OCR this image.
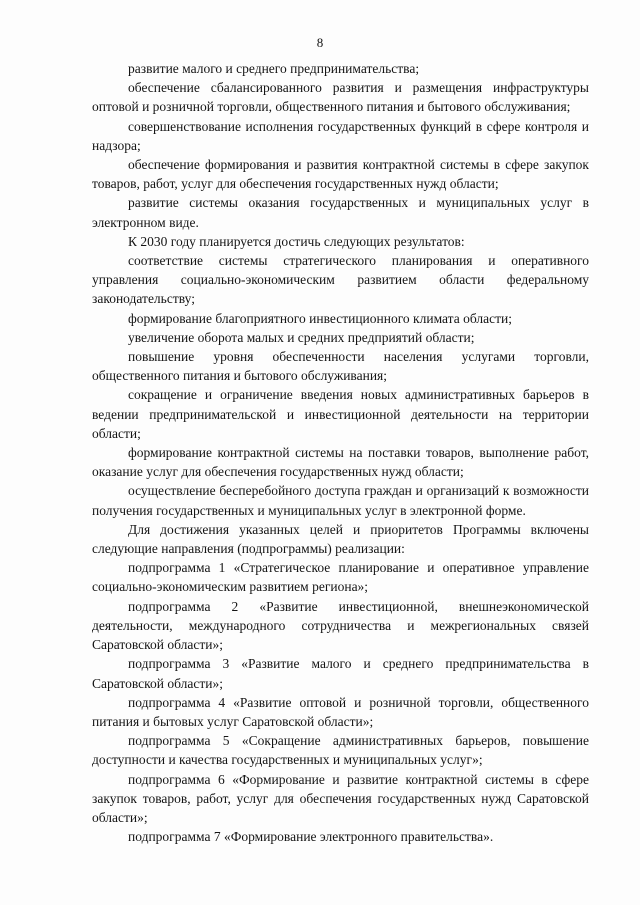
8

развитие малого и среднего предпринимательства;

обеспечение сбалансированного развития и размещения инфраструктуры оптовой и розничной торговли, общественного питания и бытового обслуживания;

совершенствование исполнения государственных функций в сфере контроля и надзора;

обеспечение формирования и развития контрактной системы в сфере закупок товаров, работ, услуг для обеспечения государственных нужд области;

развитие системы оказания государственных и муниципальных услуг в электронном виде.

К 2030 году планируется достичь следующих результатов:

соответствие системы стратегического планирования и оперативного управления социально-экономическим развитием области федеральному законодательству;

формирование благоприятного инвестиционного климата области;

увеличение оборота малых и средних предприятий области;

повышение уровня обеспеченности населения услугами торговли, общественного питания и бытового обслуживания;

сокращение и ограничение введения новых административных барьеров в ведении предпринимательской и инвестиционной деятельности на территории области;

формирование контрактной системы на поставки товаров, выполнение работ, оказание услуг для обеспечения государственных нужд области;

осуществление бесперебойного доступа граждан и организаций к возможности получения государственных и муниципальных услуг в электронной форме.

Для достижения указанных целей и приоритетов Программы включены следующие направления (подпрограммы) реализации:

подпрограмма 1 «Стратегическое планирование и оперативное управление социально-экономическим развитием региона»;

подпрограмма 2 «Развитие инвестиционной, внешнеэкономической деятельности, международного сотрудничества и межрегиональных связей Саратовской области»;

подпрограмма 3 «Развитие малого и среднего предпринимательства в Саратовской области»;

подпрограмма 4 «Развитие оптовой и розничной торговли, общественного питания и бытовых услуг Саратовской области»;

подпрограмма 5 «Сокращение административных барьеров, повышение доступности и качества государственных и муниципальных услуг»;

подпрограмма 6 «Формирование и развитие контрактной системы в сфере закупок товаров, работ, услуг для обеспечения государственных нужд Саратовской области»;

подпрограмма 7 «Формирование электронного правительства».
